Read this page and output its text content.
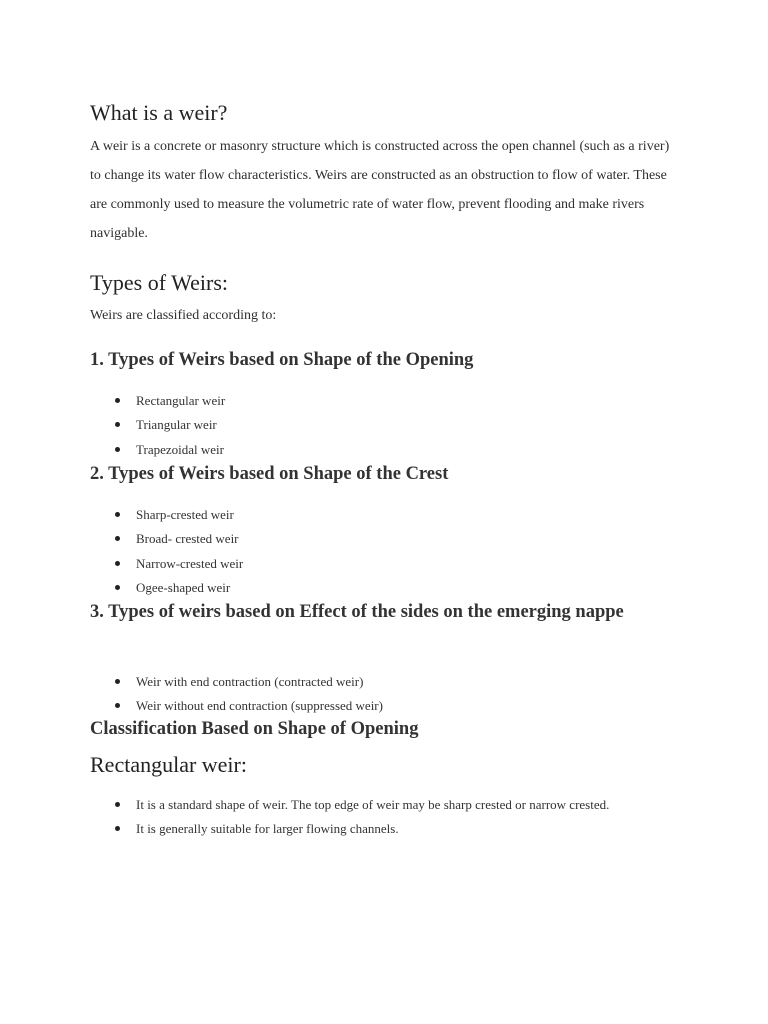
What is a weir?

A weir is a concrete or masonry structure which is constructed across the open channel (such as a river) to change its water flow characteristics. Weirs are constructed as an obstruction to flow of water. These are commonly used to measure the volumetric rate of water flow, prevent flooding and make rivers navigable.

Types of Weirs:

Weirs are classified according to:

1. Types of Weirs based on Shape of the Opening
Rectangular weir
Triangular weir
Trapezoidal weir
2. Types of Weirs based on Shape of the Crest
Sharp-crested weir
Broad- crested weir
Narrow-crested weir
Ogee-shaped weir
3. Types of weirs based on Effect of the sides on the emerging nappe
Weir with end contraction (contracted weir)
Weir without end contraction (suppressed weir)
Classification Based on Shape of Opening
Rectangular weir:
It is a standard shape of weir. The top edge of weir may be sharp crested or narrow crested.
It is generally suitable for larger flowing channels.
